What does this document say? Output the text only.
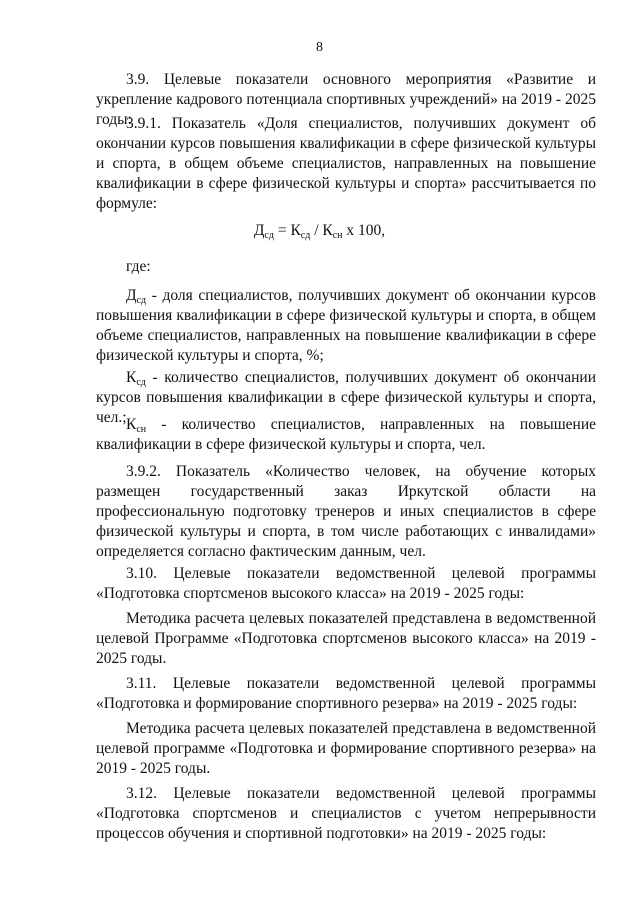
8

3.9. Целевые показатели основного мероприятия «Развитие и укрепление кадрового потенциала спортивных учреждений» на 2019 - 2025 годы:

3.9.1. Показатель «Доля специалистов, получивших документ об окончании курсов повышения квалификации в сфере физической культуры и спорта, в общем объеме специалистов, направленных на повышение квалификации в сфере физической культуры и спорта» рассчитывается по формуле:

$Д_{сд} = К_{сд} / К_{сн}$ х 100,

где:

$Д_{сд}$ - доля специалистов, получивших документ об окончании курсов повышения квалификации в сфере физической культуры и спорта, в общем объеме специалистов, направленных на повышение квалификации в сфере физической культуры и спорта, %;

$К_{сд}$ - количество специалистов, получивших документ об окончании курсов повышения квалификации в сфере физической культуры и спорта, чел.; $К_{сн}$ - количество специалистов, направленных на повышение квалификации в сфере физической культуры и спорта, чел.

3.9.2. Показатель «Количество человек, на обучение которых размещен государственный заказ Иркутской области на профессиональную подготовку тренеров и иных специалистов в сфере физической культуры и спорта, в том числе работающих с инвалидами» определяется согласно фактическим данным, чел.

3.10. Целевые показатели ведомственной целевой программы «Подготовка спортсменов высокого класса» на 2019 - 2025 годы:

Методика расчета целевых показателей представлена в ведомственной целевой Программе «Подготовка спортсменов высокого класса» на 2019 - 2025 годы.

3.11. Целевые показатели ведомственной целевой программы «Подготовка и формирование спортивного резерва» на 2019 - 2025 годы:

Методика расчета целевых показателей представлена в ведомственной целевой программе «Подготовка и формирование спортивного резерва» на 2019 - 2025 годы.

3.12. Целевые показатели ведомственной целевой программы «Подготовка спортсменов и специалистов с учетом непрерывности процессов обучения и спортивной подготовки» на 2019 - 2025 годы:
